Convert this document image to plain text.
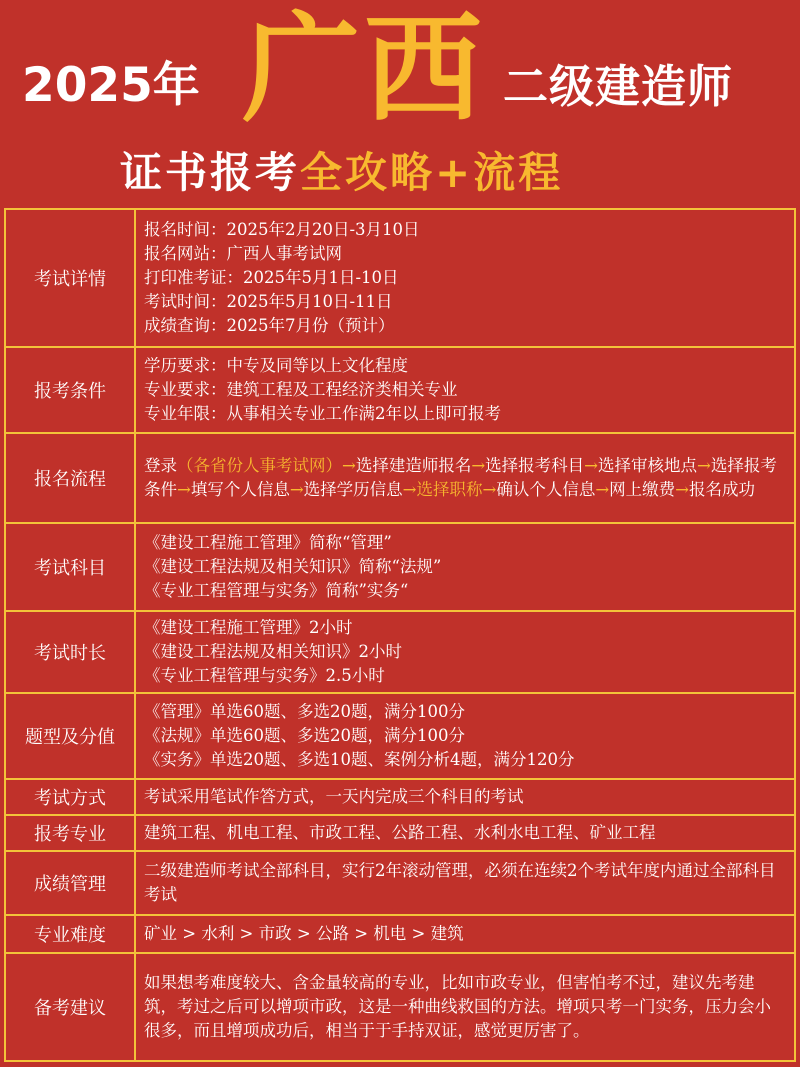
2025年 广西 二级建造师
证书报考全攻略+流程
考试详情	报名时间：2025年2月20日-3月10日
报名网站：广西人事考试网
打印准考证：2025年5月1日-10日
考试时间：2025年5月10日-11日
成绩查询：2025年7月份（预计）

报考条件	学历要求：中专及同等以上文化程度
专业要求：建筑工程及工程经济类相关专业
专业年限：从事相关专业工作满2年以上即可报考

报名流程	登录（各省份人事考试网）→选择建造师报名→选择报考科目→选择审核地点→选择报考条件→填写个人信息→选择学历信息→选择职称→确认个人信息→网上缴费→报名成功

考试科目	《建设工程施工管理》简称“管理”
《建设工程法规及相关知识》简称“法规”
《专业工程管理与实务》简称”实务“

考试时长	《建设工程施工管理》2小时
《建设工程法规及相关知识》2小时
《专业工程管理与实务》2.5小时

题型及分值	《管理》单选60题、多选20题，满分100分
《法规》单选60题、多选20题，满分100分
《实务》单选20题、多选10题、案例分析4题，满分120分

考试方式	考试采用笔试作答方式，一天内完成三个科目的考试
报考专业	建筑工程、机电工程、市政工程、公路工程、水利水电工程、矿业工程
成绩管理	二级建造师考试全部科目，实行2年滚动管理，必须在连续2个考试年度内通过全部科目考试
专业难度	矿业 > 水利 > 市政 > 公路 > 机电 > 建筑
备考建议	如果想考难度较大、含金量较高的专业，比如市政专业，但害怕考不过，建议先考建筑，考过之后可以增项市政，这是一种曲线救国的方法。增项只考一门实务，压力会小很多，而且增项成功后，相当于于手持双证，感觉更厉害了。
